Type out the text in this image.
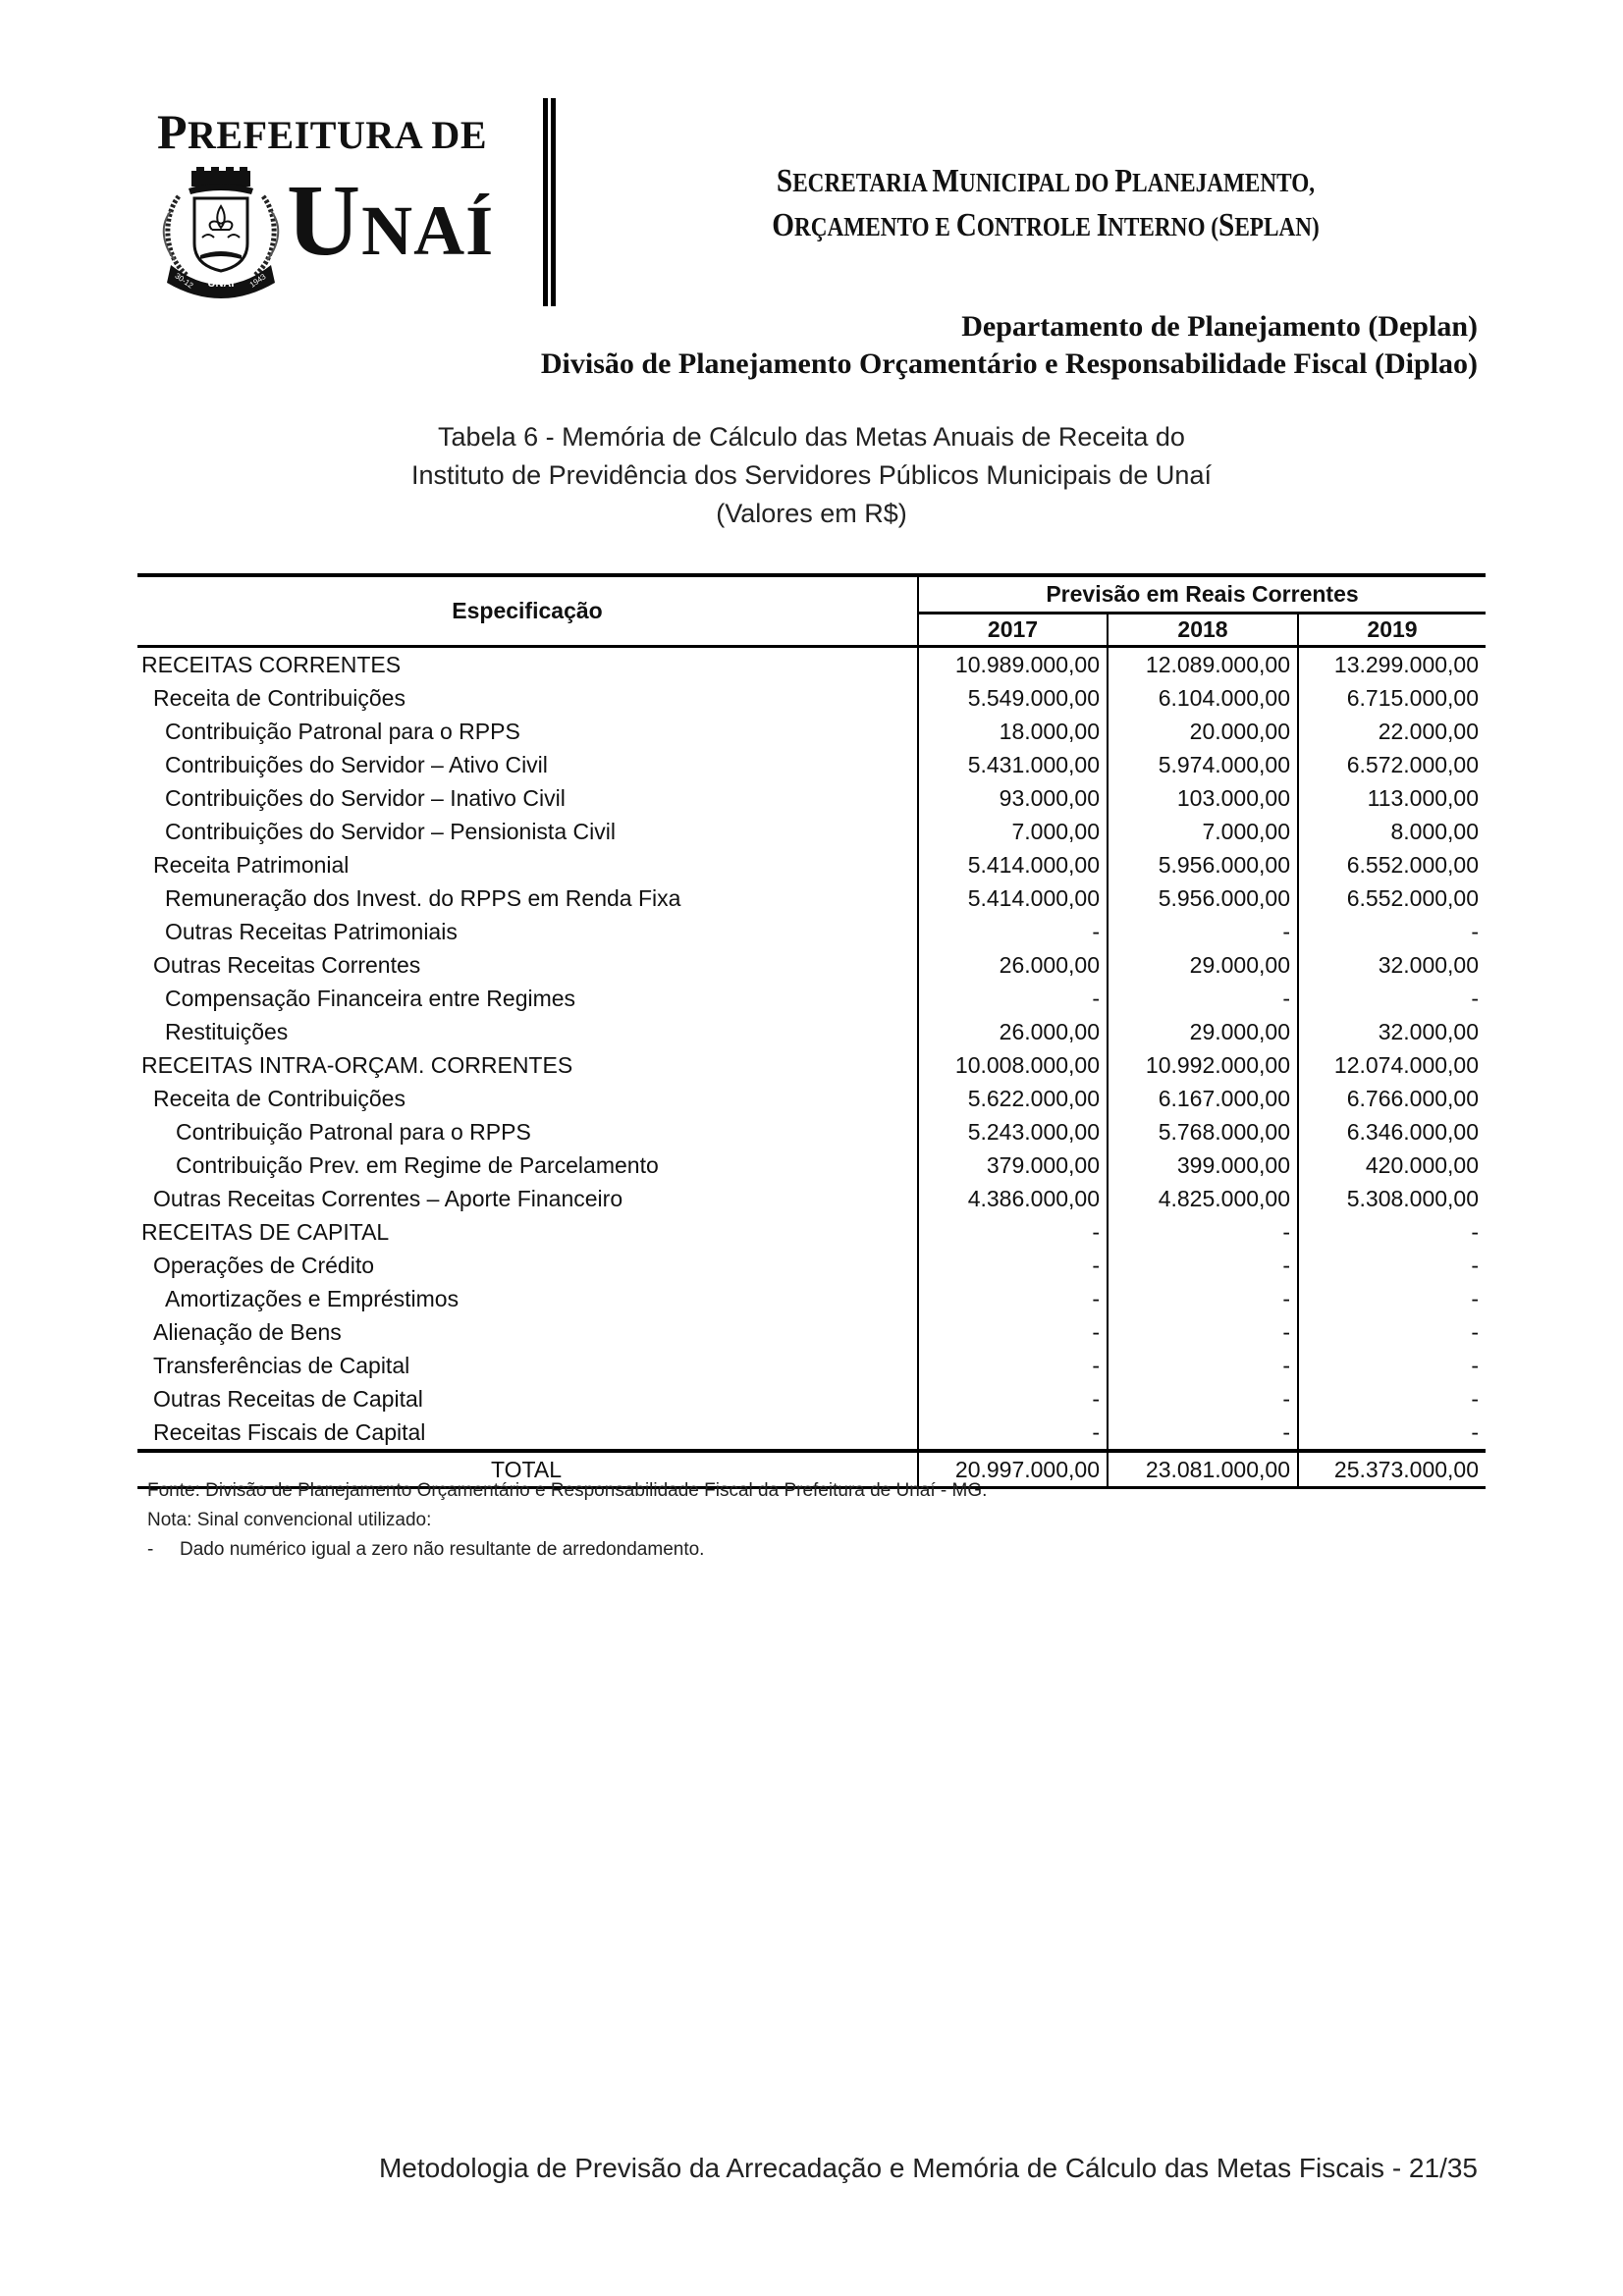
PREFEITURA DE
UNAÍ
30-12	1943
UNAÍ
SECRETARIA MUNICIPAL DO PLANEJAMENTO,
ORÇAMENTO E CONTROLE INTERNO (SEPLAN)
Departamento de Planejamento (Deplan)
Divisão de Planejamento Orçamentário e Responsabilidade Fiscal (Diplao)
Tabela 6 - Memória de Cálculo das Metas Anuais de Receita do
Instituto de Previdência dos Servidores Públicos Municipais de Unaí
(Valores em R$)
Especificação	Previsão em Reais Correntes		
	2017	2018	2019
RECEITAS CORRENTES	10.989.000,00	12.089.000,00	13.299.000,00
Receita de Contribuições	5.549.000,00	6.104.000,00	6.715.000,00
Contribuição Patronal para o RPPS	18.000,00	20.000,00	22.000,00
Contribuições do Servidor – Ativo Civil	5.431.000,00	5.974.000,00	6.572.000,00
Contribuições do Servidor – Inativo Civil	93.000,00	103.000,00	113.000,00
Contribuições do Servidor – Pensionista Civil	7.000,00	7.000,00	8.000,00
Receita Patrimonial	5.414.000,00	5.956.000,00	6.552.000,00
Remuneração dos Invest. do RPPS em Renda Fixa	5.414.000,00	5.956.000,00	6.552.000,00
Outras Receitas Patrimoniais	-	-	-
Outras Receitas Correntes	26.000,00	29.000,00	32.000,00
Compensação Financeira entre Regimes	-	-	-
Restituições	26.000,00	29.000,00	32.000,00
RECEITAS INTRA-ORÇAM. CORRENTES	10.008.000,00	10.992.000,00	12.074.000,00
Receita de Contribuições	5.622.000,00	6.167.000,00	6.766.000,00
Contribuição Patronal para o RPPS	5.243.000,00	5.768.000,00	6.346.000,00
Contribuição Prev. em Regime de Parcelamento	379.000,00	399.000,00	420.000,00
Outras Receitas Correntes – Aporte Financeiro	4.386.000,00	4.825.000,00	5.308.000,00
RECEITAS DE CAPITAL	-	-	-
Operações de Crédito	-	-	-
Amortizações e Empréstimos	-	-	-
Alienação de Bens	-	-	-
Transferências de Capital	-	-	-
Outras Receitas de Capital	-	-	-
Receitas Fiscais de Capital	-	-	-
TOTAL	20.997.000,00	23.081.000,00	25.373.000,00
Fonte: Divisão de Planejamento Orçamentário e Responsabilidade Fiscal da Prefeitura de Unaí - MG.
Nota: Sinal convencional utilizado:
- Dado numérico igual a zero não resultante de arredondamento.
Metodologia de Previsão da Arrecadação e Memória de Cálculo das Metas Fiscais - 21/35
